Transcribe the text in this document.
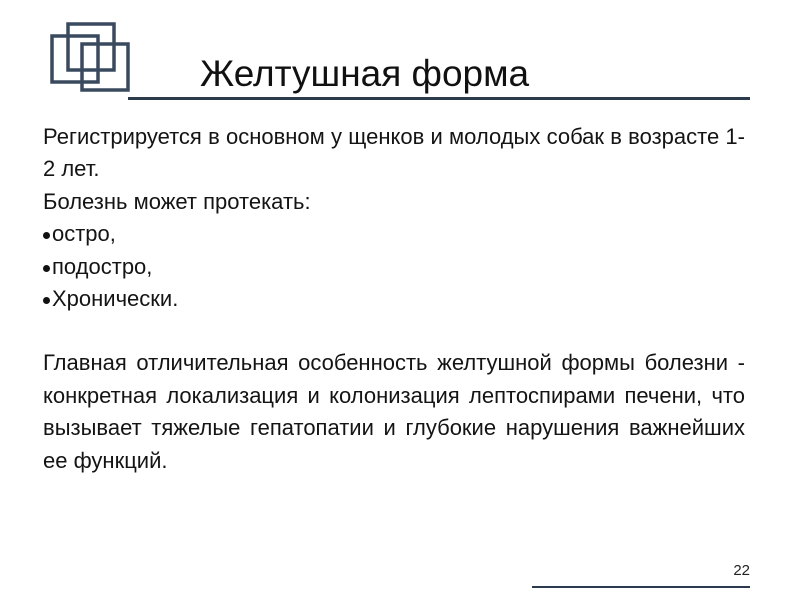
Желтушная форма

Регистрируется в основном у щенков и молодых собак в возрасте 1-2 лет.

Болезнь может протекать:

остро,
подостро,
Хронически.

Главная отличительная особенность желтушной формы болезни - конкретная локализация и колонизация лептоспирами печени, что вызывает тяжелые гепатопатии и глубокие нарушения важнейших ее функций.

22
